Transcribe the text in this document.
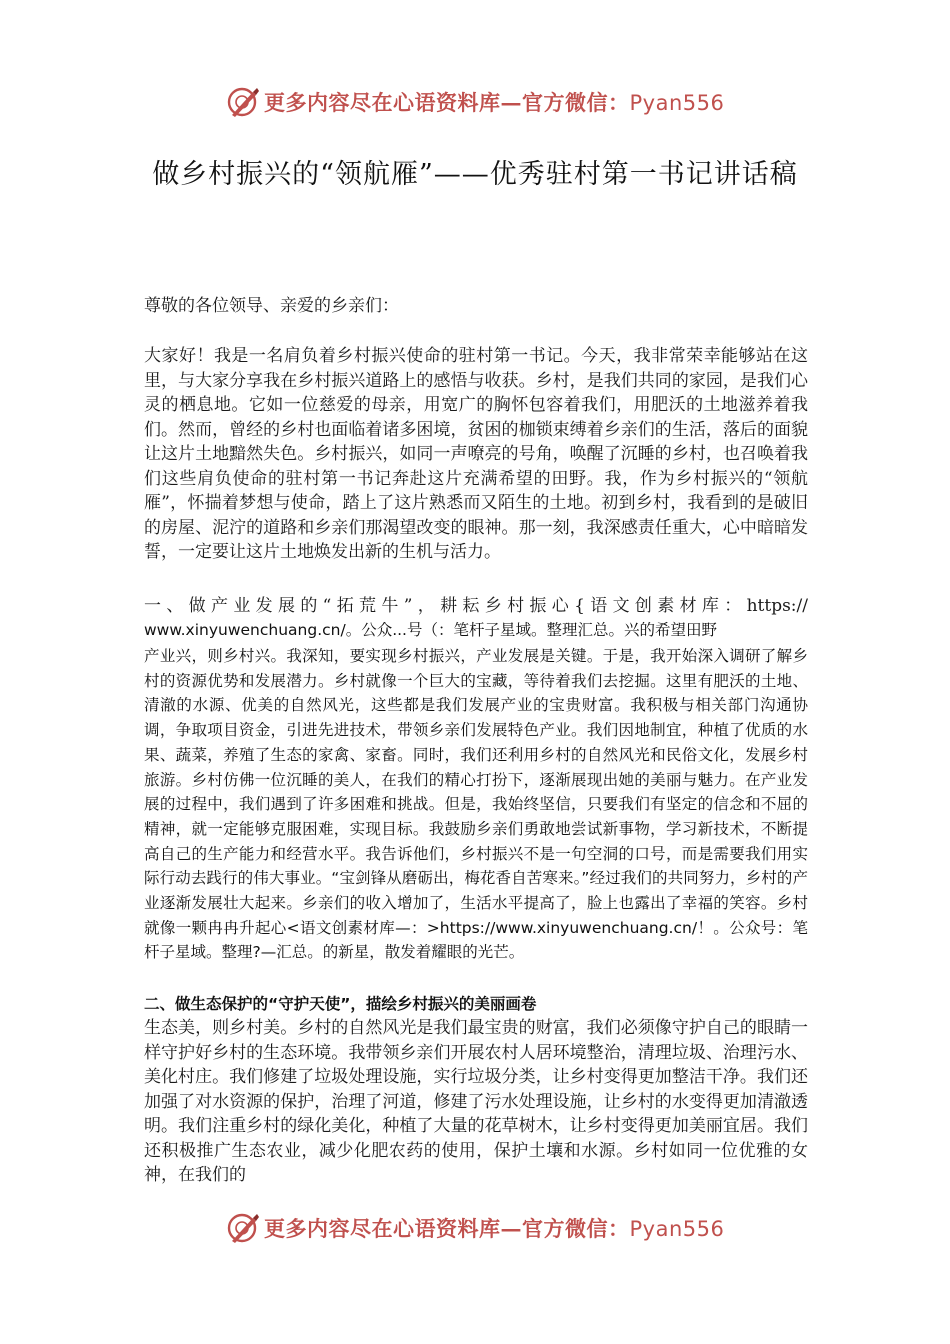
更多内容尽在心语资料库—官方微信：Pyan556
做乡村振兴的“领航雁”——优秀驻村第一书记讲话稿
尊敬的各位领导、亲爱的乡亲们：
大家好！我是一名肩负着乡村振兴使命的驻村第一书记。今天，我非常荣幸能够站在这里，与大家分享我在乡村振兴道路上的感悟与收获。乡村，是我们共同的家园，是我们心灵的栖息地。它如一位慈爱的母亲，用宽广的胸怀包容着我们，用肥沃的土地滋养着我们。然而，曾经的乡村也面临着诸多困境，贫困的枷锁束缚着乡亲们的生活，落后的面貌让这片土地黯然失色。乡村振兴，如同一声嘹亮的号角，唤醒了沉睡的乡村，也召唤着我们这些肩负使命的驻村第一书记奔赴这片充满希望的田野。我，作为乡村振兴的“领航雁”，怀揣着梦想与使命，踏上了这片熟悉而又陌生的土地。初到乡村，我看到的是破旧的房屋、泥泞的道路和乡亲们那渴望改变的眼神。那一刻，我深感责任重大，心中暗暗发誓，一定要让这片土地焕发出新的生机与活力。
一、做产业发展的“拓荒牛”，耕耘乡村振心{语文创素材库：https://
www.xinyuwenchuang.cn/。公众...号（：笔杆子星域。整理汇总。兴的希望田野
产业兴，则乡村兴。我深知，要实现乡村振兴，产业发展是关键。于是，我开始深入调研了解乡村的资源优势和发展潜力。乡村就像一个巨大的宝藏，等待着我们去挖掘。这里有肥沃的土地、清澈的水源、优美的自然风光，这些都是我们发展产业的宝贵财富。我积极与相关部门沟通协调，争取项目资金，引进先进技术，带领乡亲们发展特色产业。我们因地制宜，种植了优质的水果、蔬菜，养殖了生态的家禽、家畜。同时，我们还利用乡村的自然风光和民俗文化，发展乡村旅游。乡村仿佛一位沉睡的美人，在我们的精心打扮下，逐渐展现出她的美丽与魅力。在产业发展的过程中，我们遇到了许多困难和挑战。但是，我始终坚信，只要我们有坚定的信念和不屈的精神，就一定能够克服困难，实现目标。我鼓励乡亲们勇敢地尝试新事物，学习新技术，不断提高自己的生产能力和经营水平。我告诉他们，乡村振兴不是一句空洞的口号，而是需要我们用实际行动去践行的伟大事业。“宝剑锋从磨砺出，梅花香自苦寒来。”经过我们的共同努力，乡村的产业逐渐发展壮大起来。乡亲们的收入增加了，生活水平提高了，脸上也露出了幸福的笑容。乡村就像一颗冉冉升起心<语文创素材库—：>https://www.xinyuwenchuang.cn/！。公众号：笔杆子星域。整理?—汇总。的新星，散发着耀眼的光芒。
二、做生态保护的“守护天使”，描绘乡村振兴的美丽画卷
生态美，则乡村美。乡村的自然风光是我们最宝贵的财富，我们必须像守护自己的眼睛一样守护好乡村的生态环境。我带领乡亲们开展农村人居环境整治，清理垃圾、治理污水、美化村庄。我们修建了垃圾处理设施，实行垃圾分类，让乡村变得更加整洁干净。我们还加强了对水资源的保护，治理了河道，修建了污水处理设施，让乡村的水变得更加清澈透明。我们注重乡村的绿化美化，种植了大量的花草树木，让乡村变得更加美丽宜居。我们还积极推广生态农业，减少化肥农药的使用，保护土壤和水源。乡村如同一位优雅的女神，在我们的
更多内容尽在心语资料库—官方微信：Pyan556
